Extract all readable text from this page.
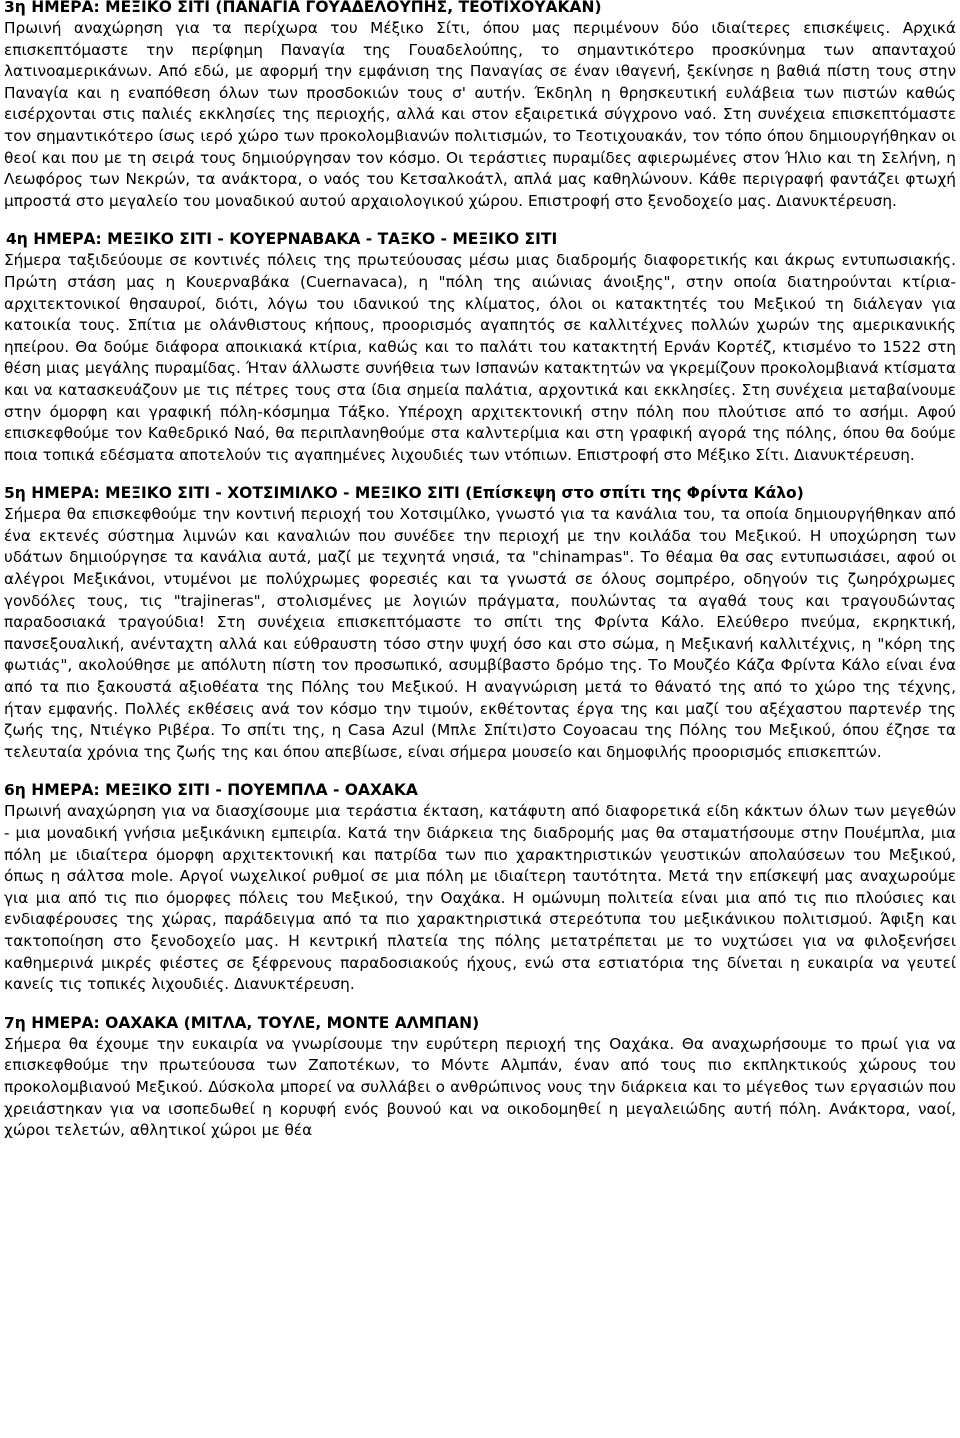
3η ΗΜΕΡΑ: ΜΕΞΙΚΟ ΣΙΤΙ (ΠΑΝΑΓΙΑ ΓΟΥΑΔΕΛΟΥΠΗΣ, ΤΕΟΤΙΧΟΥΑΚΑΝ)

Πρωινή αναχώρηση για τα περίχωρα του Μέξικο Σίτι, όπου μας περιμένουν δύο ιδιαίτερες επισκέψεις. Αρχικά επισκεπτόμαστε την περίφημη Παναγία της Γουαδελούπης, το σημαντικότερο προσκύνημα των απανταχού λατινοαμερικάνων. Από εδώ, με αφορμή την εμφάνιση της Παναγίας σε έναν ιθαγενή, ξεκίνησε η βαθιά πίστη τους στην Παναγία και η εναπόθεση όλων των προσδοκιών τους σ' αυτήν. Έκδηλη η θρησκευτική ευλάβεια των πιστών καθώς εισέρχονται στις παλιές εκκλησίες της περιοχής, αλλά και στον εξαιρετικά σύγχρονο ναό. Στη συνέχεια επισκεπτόμαστε τον σημαντικότερο ίσως ιερό χώρο των προκολομβιανών πολιτισμών, το Τεοτιχουακάν, τον τόπο όπου δημιουργήθηκαν οι θεοί και που με τη σειρά τους δημιούργησαν τον κόσμο. Οι τεράστιες πυραμίδες αφιερωμένες στον Ήλιο και τη Σελήνη, η Λεωφόρος των Νεκρών, τα ανάκτορα, ο ναός του Κετσαλκοάτλ, απλά μας καθηλώνουν. Κάθε περιγραφή φαντάζει φτωχή μπροστά στο μεγαλείο του μοναδικού αυτού αρχαιολογικού χώρου. Επιστροφή στο ξενοδοχείο μας. Διανυκτέρευση.

4η ΗΜΕΡΑ: ΜΕΞΙΚΟ ΣΙΤΙ - ΚΟΥΕΡΝΑΒΑΚΑ - ΤΑΞΚΟ - ΜΕΞΙΚΟ ΣΙΤΙ

Σήμερα ταξιδεύουμε σε κοντινές πόλεις της πρωτεύουσας μέσω μιας διαδρομής διαφορετικής και άκρως εντυπωσιακής. Πρώτη στάση μας η Κουερναβάκα (Cuernavaca), η "πόλη της αιώνιας άνοιξης", στην οποία διατηρούνται κτίρια-αρχιτεκτονικοί θησαυροί, διότι, λόγω του ιδανικού της κλίματος, όλοι οι κατακτητές του Μεξικού τη διάλεγαν για κατοικία τους. Σπίτια με ολάνθιστους κήπους, προορισμός αγαπητός σε καλλιτέχνες πολλών χωρών της αμερικανικής ηπείρου. Θα δούμε διάφορα αποικιακά κτίρια, καθώς και το παλάτι του κατακτητή Ερνάν Κορτέζ, κτισμένο το 1522 στη θέση μιας μεγάλης πυραμίδας. Ήταν άλλωστε συνήθεια των Ισπανών κατακτητών να γκρεμίζουν προκολομβιανά κτίσματα και να κατασκευάζουν με τις πέτρες τους στα ίδια σημεία παλάτια, αρχοντικά και εκκλησίες. Στη συνέχεια μεταβαίνουμε στην όμορφη και γραφική πόλη-κόσμημα Τάξκο. Υπέροχη αρχιτεκτονική στην πόλη που πλούτισε από το ασήμι. Αφού επισκεφθούμε τον Καθεδρικό Ναό, θα περιπλανηθούμε στα καλντερίμια και στη γραφική αγορά της πόλης, όπου θα δούμε ποια τοπικά εδέσματα αποτελούν τις αγαπημένες λιχουδιές των ντόπιων. Επιστροφή στο Μέξικο Σίτι. Διανυκτέρευση.

5η ΗΜΕΡΑ: ΜΕΞΙΚΟ ΣΙΤΙ - ΧΟΤΣΙΜΙΛΚΟ - ΜΕΞΙΚΟ ΣΙΤΙ (Επίσκεψη στο σπίτι της Φρίντα Κάλο)

Σήμερα θα επισκεφθούμε την κοντινή περιοχή του Χοτσιμίλκο, γνωστό για τα κανάλια του, τα οποία δημιουργήθηκαν από ένα εκτενές σύστημα λιμνών και καναλιών που συνέδεε την περιοχή με την κοιλάδα του Μεξικού. Η υποχώρηση των υδάτων δημιούργησε τα κανάλια αυτά, μαζί με τεχνητά νησιά, τα "chinampas". Το θέαμα θα σας εντυπωσιάσει, αφού οι αλέγροι Μεξικάνοι, ντυμένοι με πολύχρωμες φορεσιές και τα γνωστά σε όλους σομπρέρο, οδηγούν τις ζωηρόχρωμες γονδόλες τους, τις "trajineras", στολισμένες με λογιών πράγματα, πουλώντας τα αγαθά τους και τραγουδώντας παραδοσιακά τραγούδια! Στη συνέχεια επισκεπτόμαστε το σπίτι της Φρίντα Κάλο. Ελεύθερο πνεύμα, εκρηκτική, πανσεξουαλική, ανένταχτη αλλά και εύθραυστη τόσο στην ψυχή όσο και στο σώμα, η Μεξικανή καλλιτέχνις, η "κόρη της φωτιάς", ακολούθησε με απόλυτη πίστη τον προσωπικό, ασυμβίβαστο δρόμο της. Το Μουζέο Κάζα Φρίντα Κάλο είναι ένα από τα πιο ξακουστά αξιοθέατα της Πόλης του Μεξικού. Η αναγνώριση μετά το θάνατό της από το χώρο της τέχνης, ήταν εμφανής. Πολλές εκθέσεις ανά τον κόσμο την τιμούν, εκθέτοντας έργα της και μαζί του αξέχαστου παρτενέρ της ζωής της, Ντιέγκο Ριβέρα. Το σπίτι της, η Casa Azul (Μπλε Σπίτι)στο Coyoacau της Πόλης του Μεξικού, όπου έζησε τα τελευταία χρόνια της ζωής της και όπου απεβίωσε, είναι σήμερα μουσείο και δημοφιλής προορισμός επισκεπτών.

6η ΗΜΕΡΑ: ΜΕΞΙΚΟ ΣΙΤΙ - ΠΟΥΕΜΠΛΑ - ΟΑΧΑΚΑ

Πρωινή αναχώρηση για να διασχίσουμε μια τεράστια έκταση, κατάφυτη από διαφορετικά είδη κάκτων όλων των μεγεθών - μια μοναδική γνήσια μεξικάνικη εμπειρία. Κατά την διάρκεια της διαδρομής μας θα σταματήσουμε στην Πουέμπλα, μια πόλη με ιδιαίτερα όμορφη αρχιτεκτονική και πατρίδα των πιο χαρακτηριστικών γευστικών απολαύσεων του Μεξικού, όπως η σάλτσα mole. Αργοί νωχελικοί ρυθμοί σε μια πόλη με ιδιαίτερη ταυτότητα. Μετά την επίσκεψή μας αναχωρούμε για μια από τις πιο όμορφες πόλεις του Μεξικού, την Οαχάκα. Η ομώνυμη πολιτεία είναι μια από τις πιο πλούσιες και ενδιαφέρουσες της χώρας, παράδειγμα από τα πιο χαρακτηριστικά στερεότυπα του μεξικάνικου πολιτισμού. Άφιξη και τακτοποίηση στο ξενοδοχείο μας. Η κεντρική πλατεία της πόλης μετατρέπεται με το νυχτώσει για να φιλοξενήσει καθημερινά μικρές φιέστες σε ξέφρενους παραδοσιακούς ήχους, ενώ στα εστιατόρια της δίνεται η ευκαιρία να γευτεί κανείς τις τοπικές λιχουδιές. Διανυκτέρευση.

7η ΗΜΕΡΑ: ΟΑΧΑΚΑ (ΜΙΤΛΑ, ΤΟΥΛΕ, ΜΟΝΤΕ ΑΛΜΠΑΝ)

Σήμερα θα έχουμε την ευκαιρία να γνωρίσουμε την ευρύτερη περιοχή της Οαχάκα. Θα αναχωρήσουμε το πρωί για να επισκεφθούμε την πρωτεύουσα των Ζαποτέκων, το Μόντε Αλμπάν, έναν από τους πιο εκπληκτικούς χώρους του προκολομβιανού Μεξικού. Δύσκολα μπορεί να συλλάβει ο ανθρώπινος νους την διάρκεια και το μέγεθος των εργασιών που χρειάστηκαν για να ισοπεδωθεί η κορυφή ενός βουνού και να οικοδομηθεί η μεγαλειώδης αυτή πόλη. Ανάκτορα, ναοί, χώροι τελετών, αθλητικοί χώροι με θέα
